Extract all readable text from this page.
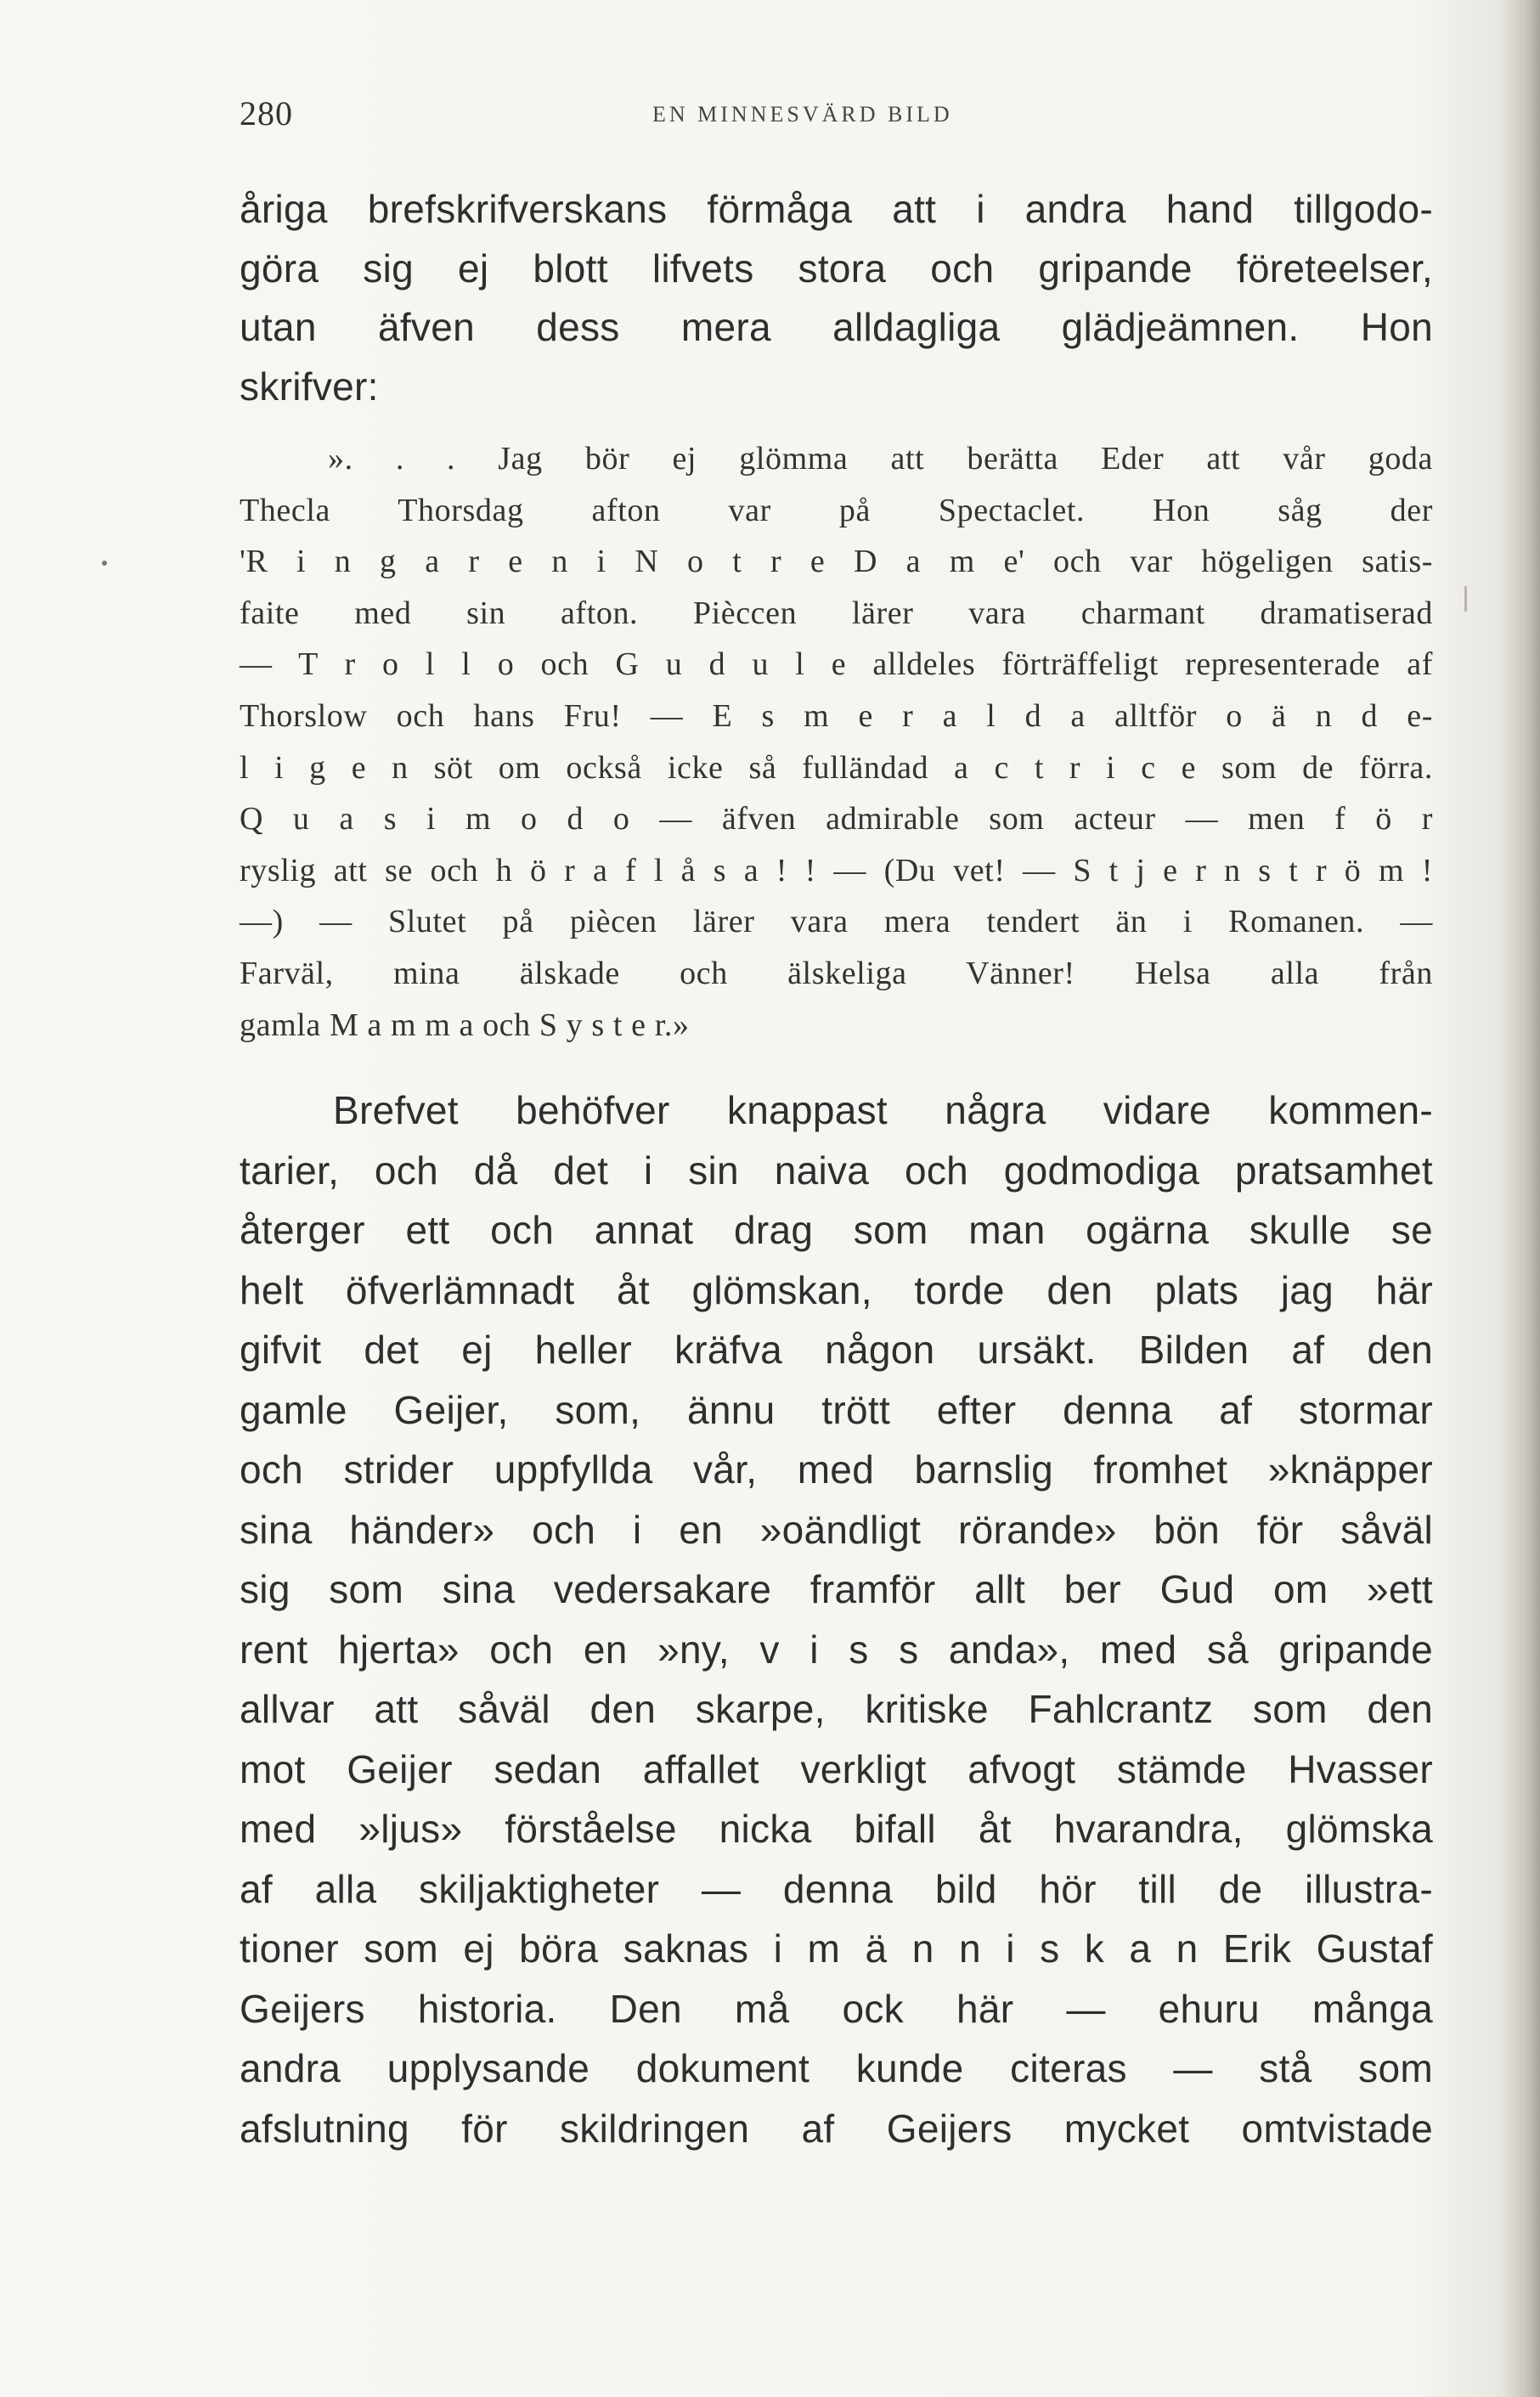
280	EN MINNESVÄRD BILD
åriga brefskrifverskans förmåga att i andra hand tillgodo-
göra sig ej blott lifvets stora och gripande företeelser,
utan äfven dess mera alldagliga glädjeämnen. Hon
skrifver:
». . . Jag bör ej glömma att berätta Eder att vår goda
Thecla Thorsdag afton var på Spectaclet. Hon såg der
'R i n g a r e n i N o t r e D a m e' och var högeligen satis-
faite med sin afton. Pièccen lärer vara charmant dramatiserad
— T r o l l o och G u d u l e alldeles förträffeligt representerade af
Thorslow och hans Fru! — E s m e r a l d a alltför o ä n d e-
l i g e n söt om också icke så fulländad a c t r i c e som de förra.
Q u a s i m o d o — äfven admirable som acteur — men f ö r
ryslig att se och h ö r a f l å s a ! ! — (Du vet! — S t j e r n s t r ö m !
—) — Slutet på piècen lärer vara mera tendert än i Romanen. —
Farväl, mina älskade och älskeliga Vänner! Helsa alla från
gamla M a m m a och S y s t e r.»
Brefvet behöfver knappast några vidare kommen-
tarier, och då det i sin naiva och godmodiga pratsamhet
återger ett och annat drag som man ogärna skulle se
helt öfverlämnadt åt glömskan, torde den plats jag här
gifvit det ej heller kräfva någon ursäkt. Bilden af den
gamle Geijer, som, ännu trött efter denna af stormar
och strider uppfyllda vår, med barnslig fromhet »knäpper
sina händer» och i en »oändligt rörande» bön för såväl
sig som sina vedersakare framför allt ber Gud om »ett
rent hjerta» och en »ny, v i s s anda», med så gripande
allvar att såväl den skarpe, kritiske Fahlcrantz som den
mot Geijer sedan affallet verkligt afvogt stämde Hvasser
med »ljus» förståelse nicka bifall åt hvarandra, glömska
af alla skiljaktigheter — denna bild hör till de illustra-
tioner som ej böra saknas i m ä n n i s k a n Erik Gustaf
Geijers historia. Den må ock här — ehuru många
andra upplysande dokument kunde citeras — stå som
afslutning för skildringen af Geijers mycket omtvistade
